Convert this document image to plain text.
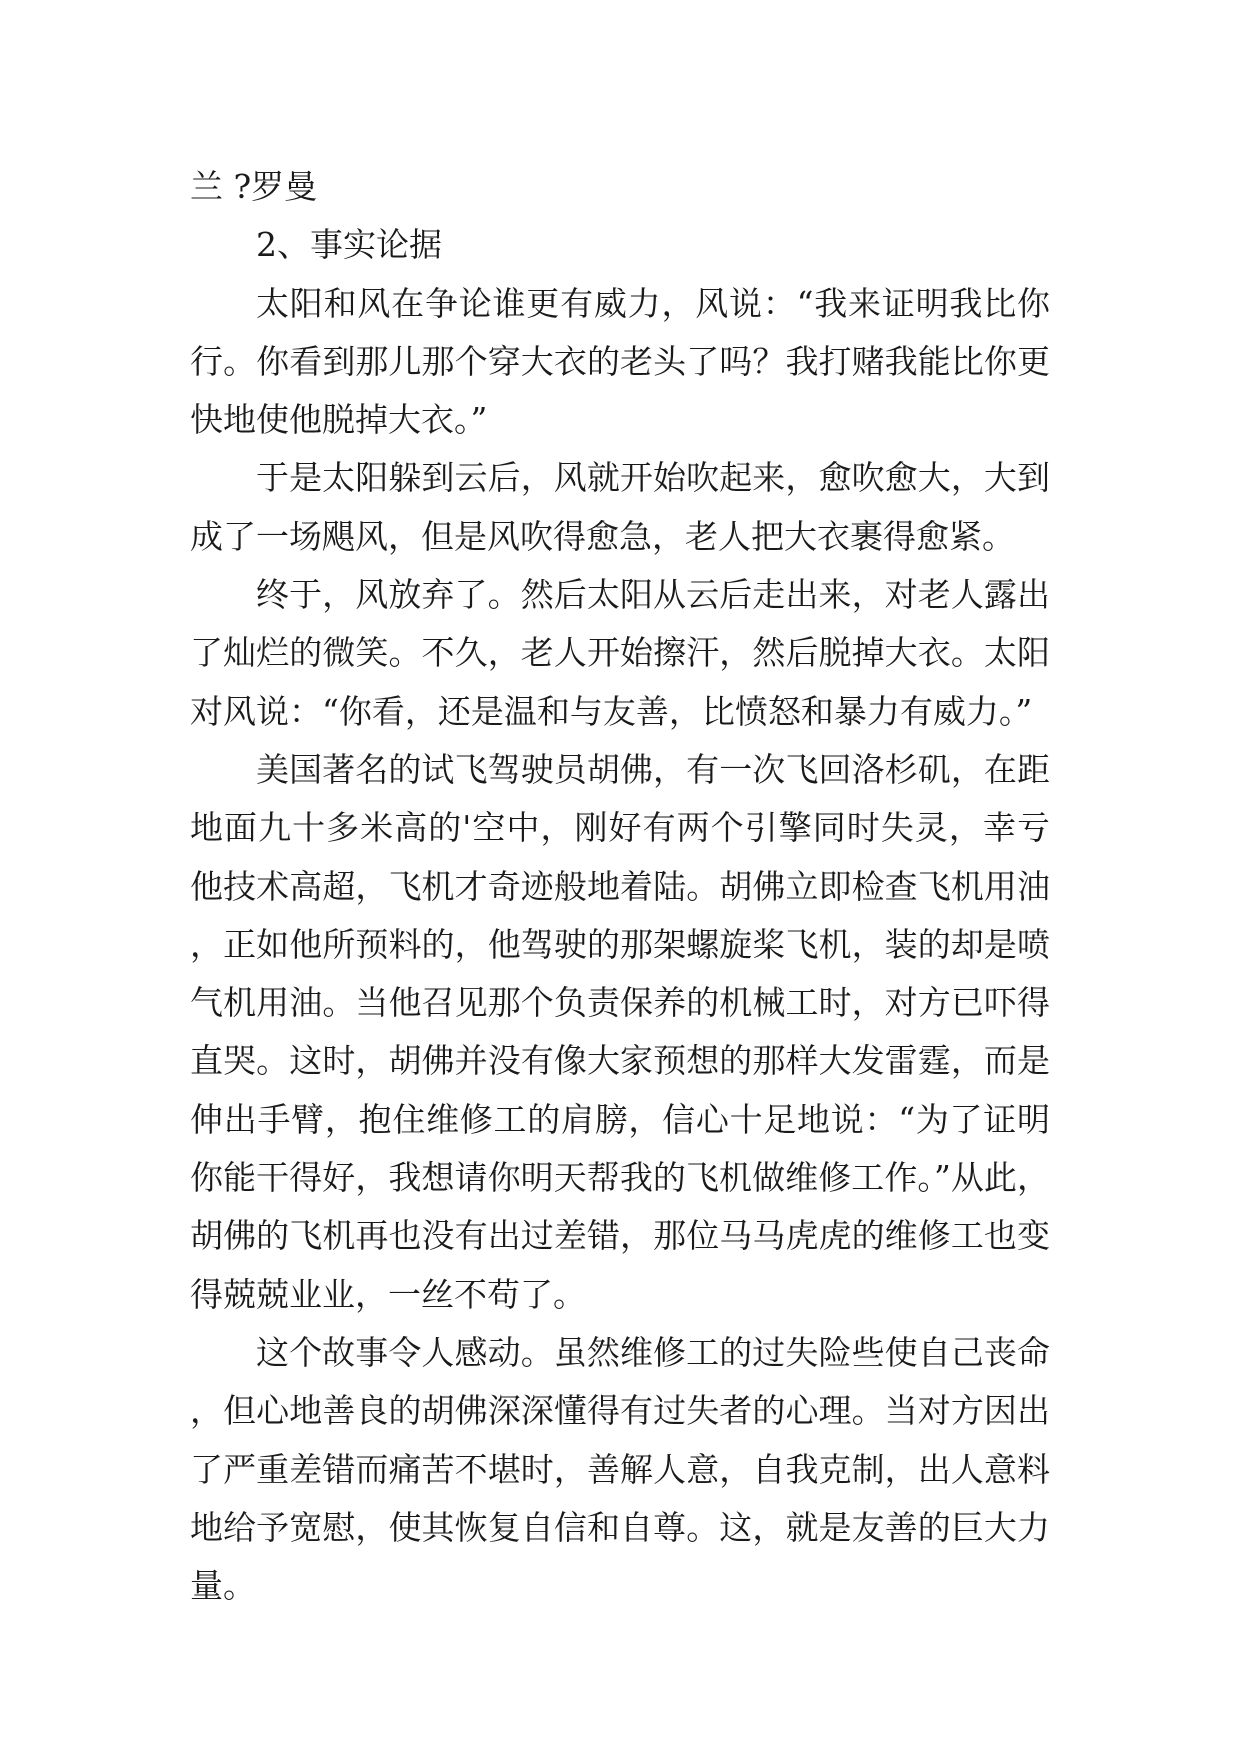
兰 ?罗曼

2、事实论据

太阳和风在争论谁更有威力，风说：“我来证明我比你行。你看到那儿那个穿大衣的老头了吗？我打赌我能比你更快地使他脱掉大衣。”

于是太阳躲到云后，风就开始吹起来，愈吹愈大，大到成了一场飓风，但是风吹得愈急，老人把大衣裹得愈紧。

终于，风放弃了。然后太阳从云后走出来，对老人露出了灿烂的微笑。不久，老人开始擦汗，然后脱掉大衣。太阳对风说：“你看，还是温和与友善，比愤怒和暴力有威力。”

美国著名的试飞驾驶员胡佛，有一次飞回洛杉矶，在距地面九十多米高的'空中，刚好有两个引擎同时失灵，幸亏他技术高超，飞机才奇迹般地着陆。胡佛立即检查飞机用油，正如他所预料的，他驾驶的那架螺旋桨飞机，装的却是喷气机用油。当他召见那个负责保养的机械工时，对方已吓得直哭。这时，胡佛并没有像大家预想的那样大发雷霆，而是伸出手臂，抱住维修工的肩膀，信心十足地说：“为了证明你能干得好，我想请你明天帮我的飞机做维修工作。”从此，胡佛的飞机再也没有出过差错，那位马马虎虎的维修工也变得兢兢业业，一丝不苟了。

这个故事令人感动。虽然维修工的过失险些使自己丧命，但心地善良的胡佛深深懂得有过失者的心理。当对方因出了严重差错而痛苦不堪时，善解人意，自我克制，出人意料地给予宽慰，使其恢复自信和自尊。这，就是友善的巨大力量。
